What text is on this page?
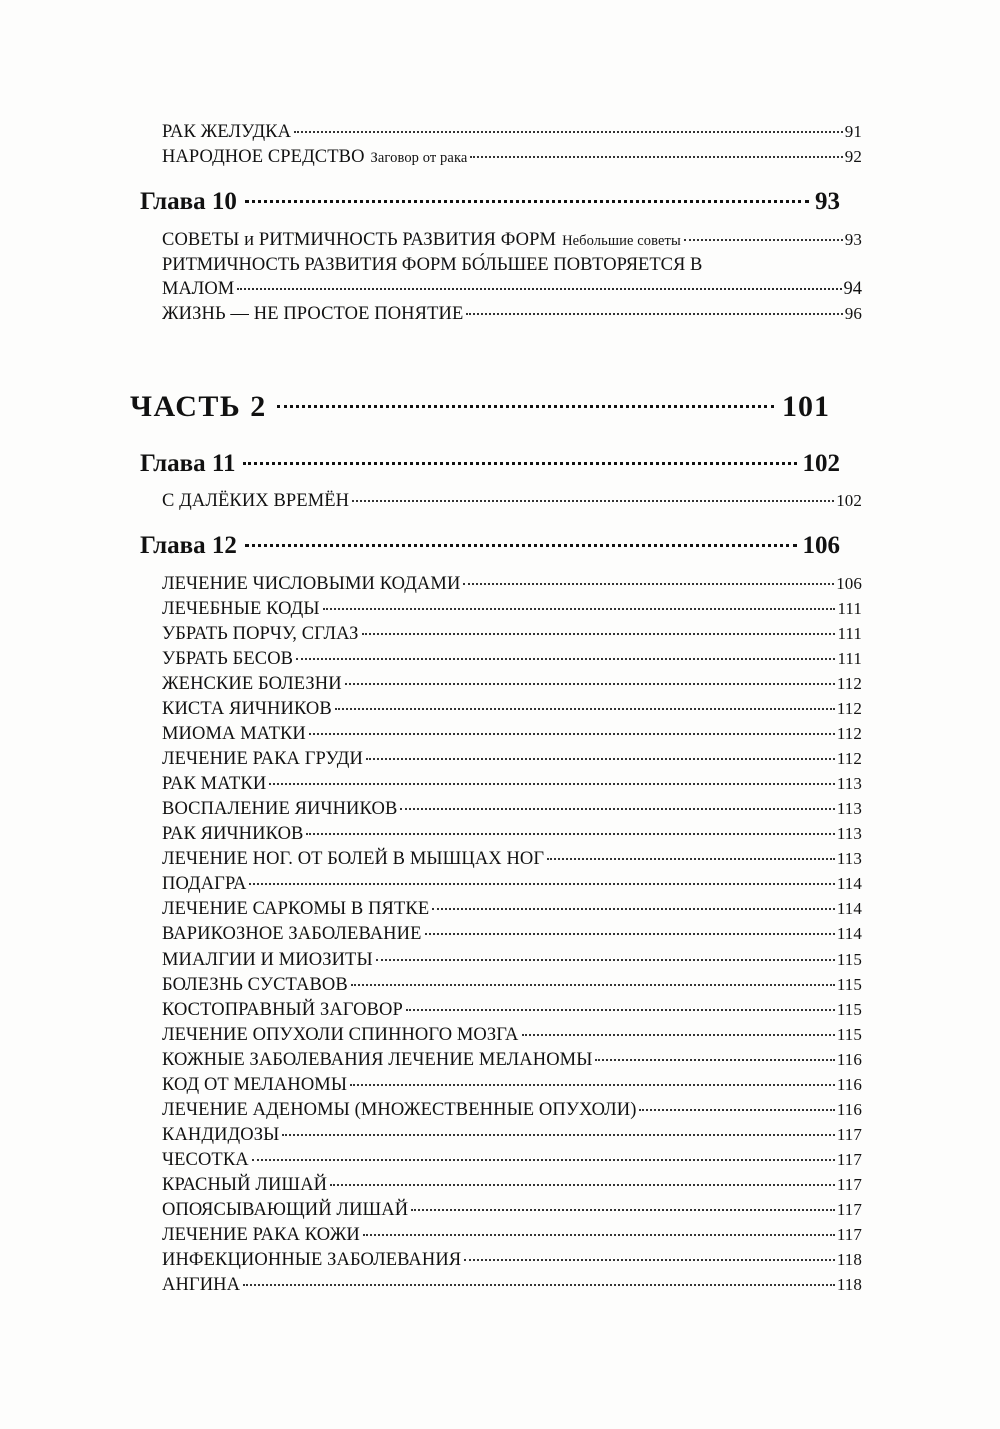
РАК ЖЕЛУДКА	91
НАРОДНОЕ СРЕДСТВО Заговор от рака	92
Глава 10	93
СОВЕТЫ и РИТМИЧНОСТЬ РАЗВИТИЯ ФОРМ Небольшие советы	93
РИТМИЧНОСТЬ РАЗВИТИЯ ФОРМ БО́ЛЬШЕЕ ПОВТОРЯЕТСЯ В
МАЛОМ	94
ЖИЗНЬ — НЕ ПРОСТОЕ ПОНЯТИЕ	96
ЧАСТЬ 2	101
Глава 11	102
С ДАЛЁКИХ ВРЕМЁН	102
Глава 12	106
ЛЕЧЕНИЕ ЧИСЛОВЫМИ КОДАМИ	106
ЛЕЧЕБНЫЕ КОДЫ	111
УБРАТЬ ПОРЧУ, СГЛАЗ	111
УБРАТЬ БЕСОВ	111
ЖЕНСКИЕ БОЛЕЗНИ	112
КИСТА ЯИЧНИКОВ	112
МИОМА МАТКИ	112
ЛЕЧЕНИЕ РАКА ГРУДИ	112
РАК МАТКИ	113
ВОСПАЛЕНИЕ ЯИЧНИКОВ	113
РАК ЯИЧНИКОВ	113
ЛЕЧЕНИЕ НОГ. ОТ БОЛЕЙ В МЫШЦАХ НОГ	113
ПОДАГРА	114
ЛЕЧЕНИЕ САРКОМЫ В ПЯТКЕ	114
ВАРИКОЗНОЕ ЗАБОЛЕВАНИЕ	114
МИАЛГИИ И МИОЗИТЫ	115
БОЛЕЗНЬ СУСТАВОВ	115
КОСТОПРАВНЫЙ ЗАГОВОР	115
ЛЕЧЕНИЕ ОПУХОЛИ СПИННОГО МОЗГА	115
КОЖНЫЕ ЗАБОЛЕВАНИЯ ЛЕЧЕНИЕ МЕЛАНОМЫ	116
КОД ОТ МЕЛАНОМЫ	116
ЛЕЧЕНИЕ АДЕНОМЫ (МНОЖЕСТВЕННЫЕ ОПУХОЛИ)	116
КАНДИДОЗЫ	117
ЧЕСОТКА	117
КРАСНЫЙ ЛИШАЙ	117
ОПОЯСЫВАЮЩИЙ ЛИШАЙ	117
ЛЕЧЕНИЕ РАКА КОЖИ	117
ИНФЕКЦИОННЫЕ ЗАБОЛЕВАНИЯ	118
АНГИНА	118
